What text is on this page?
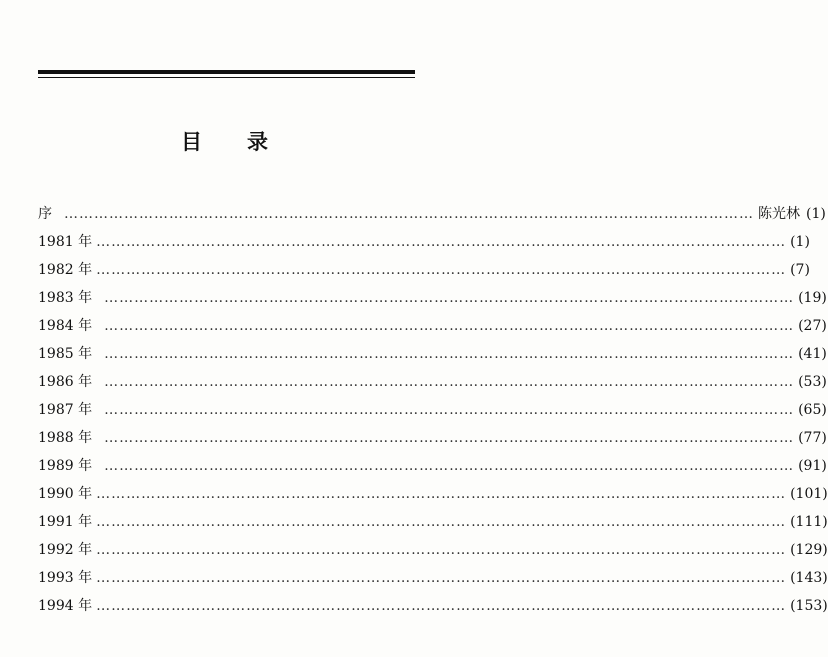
目 录
序 ………………………………………………………………………………………………………………………… 陈光林 (1)
1981 年 ………………………………………………………………………………………………………………………… (1)
1982 年 ………………………………………………………………………………………………………………………… (7)
1983 年 ………………………………………………………………………………………………………………………… (19)
1984 年 ………………………………………………………………………………………………………………………… (27)
1985 年 ………………………………………………………………………………………………………………………… (41)
1986 年 ………………………………………………………………………………………………………………………… (53)
1987 年 ………………………………………………………………………………………………………………………… (65)
1988 年 ………………………………………………………………………………………………………………………… (77)
1989 年 ………………………………………………………………………………………………………………………… (91)
1990 年 ………………………………………………………………………………………………………………………… (101)
1991 年 ………………………………………………………………………………………………………………………… (111)
1992 年 ………………………………………………………………………………………………………………………… (129)
1993 年 ………………………………………………………………………………………………………………………… (143)
1994 年 ………………………………………………………………………………………………………………………… (153)
